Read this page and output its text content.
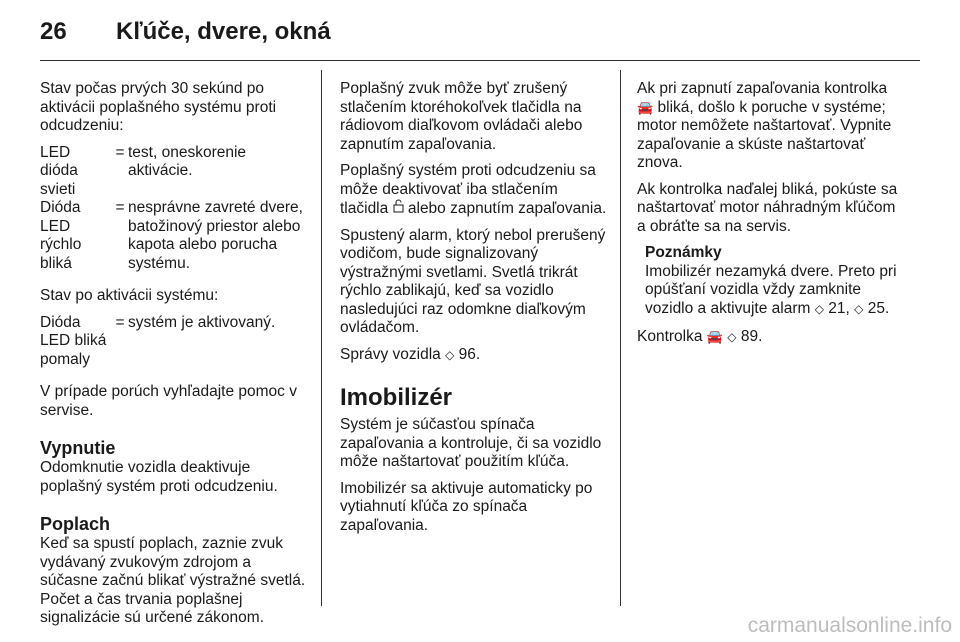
26 Kľúče, dvere, okná

Stav počas prvých 30 sekúnd po aktivácii poplašného systému proti odcudzeniu:

LED dióda svieti
= test, oneskorenie aktivácie.
Dióda LED rýchlo bliká
= nesprávne zavreté dvere, batožinový priestor alebo kapota alebo porucha systému.

Stav po aktivácii systému:

Dióda LED bliká pomaly
= systém je aktivovaný.

V prípade porúch vyhľadajte pomoc v servise.

Vypnutie

Odomknutie vozidla deaktivuje poplašný systém proti odcudzeniu.

Poplach

Keď sa spustí poplach, zaznie zvuk vydávaný zvukovým zdrojom a súčasne začnú blikať výstražné svetlá. Počet a čas trvania poplašnej signalizácie sú určené zákonom.

Poplašný zvuk môže byť zrušený stlačením ktoréhokoľvek tlačidla na rádiovom diaľkovom ovládači alebo zapnutím zapaľovania.

Poplašný systém proti odcudzeniu sa môže deaktivovať iba stlačením tlačidla alebo zapnutím zapaľovania.

Spustený alarm, ktorý nebol prerušený vodičom, bude signalizovaný výstražnými svetlami. Svetlá trikrát rýchlo zablikajú, keď sa vozidlo nasledujúci raz odomkne diaľkovým ovládačom.

Správy vozidla ◇ 96.

Imobilizér

Systém je súčasťou spínača zapaľovania a kontroluje, či sa vozidlo môže naštartovať použitím kľúča.

Imobilizér sa aktivuje automaticky po vytiahnutí kľúča zo spínača zapaľovania.

Ak pri zapnutí zapaľovania kontrolka 🚘 bliká, došlo k poruche v systéme; motor nemôžete naštartovať. Vypnite zapaľovanie a skúste naštartovať znova.

Ak kontrolka naďalej bliká, pokúste sa naštartovať motor náhradným kľúčom a obráťte sa na servis.

Poznámky
Imobilizér nezamyká dvere. Preto pri opúšťaní vozidla vždy zamknite vozidlo a aktivujte alarm ◇ 21, ◇ 25.

Kontrolka 🚘 ◇ 89.

carmanualsonline.info
